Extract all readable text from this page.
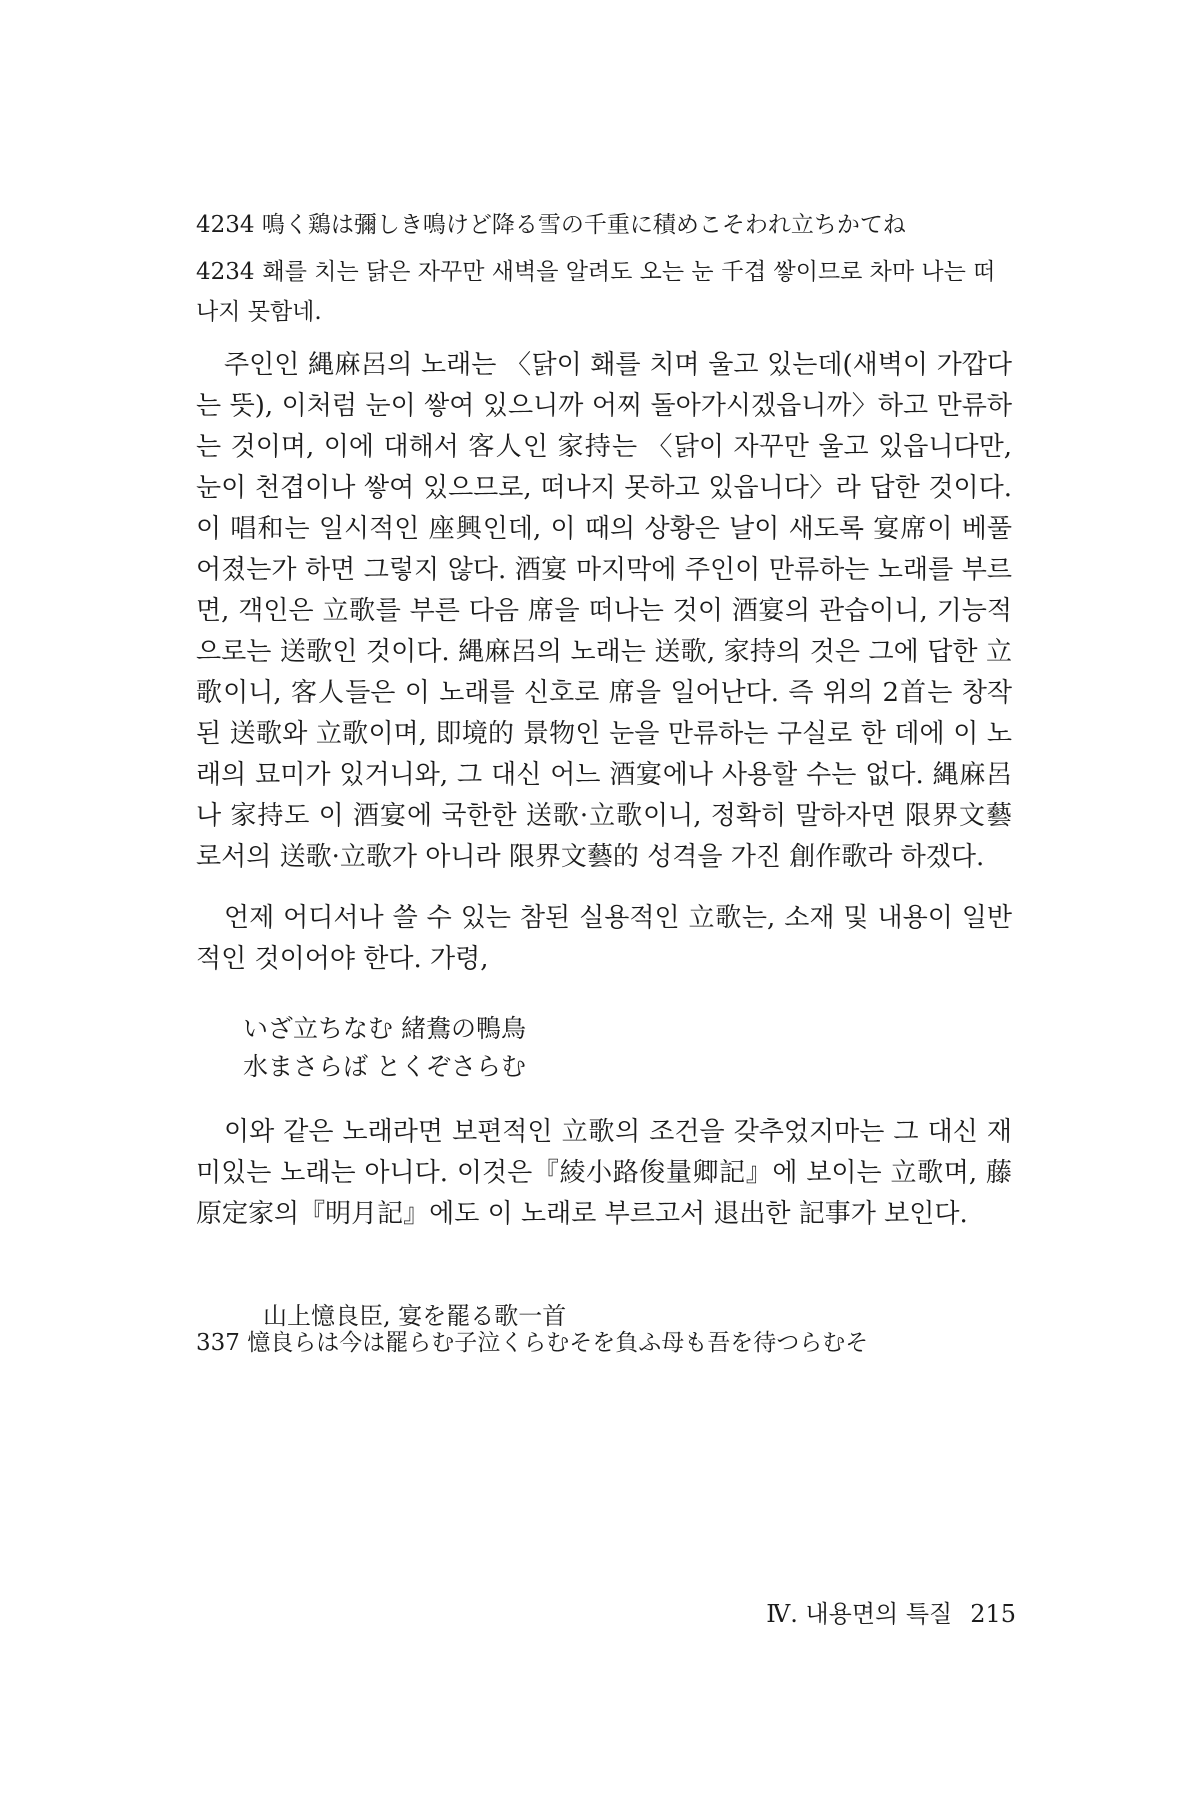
4234 鳴く鶏は彌しき鳴けど降る雪の千重に積めこそわれ立ちかてね
4234 홰를 치는 닭은 자꾸만 새벽을 알려도 오는 눈 千겹 쌓이므로 차마 나는 떠나지 못함네.

주인인 縄麻呂의 노래는 〈닭이 홰를 치며 울고 있는데(새벽이 가깝다는 뜻), 이처럼 눈이 쌓여 있으니까 어찌 돌아가시겠읍니까〉하고 만류하는 것이며, 이에 대해서 客人인 家持는 〈닭이 자꾸만 울고 있읍니다만, 눈이 천겹이나 쌓여 있으므로, 떠나지 못하고 있읍니다〉라 답한 것이다. 이 唱和는 일시적인 座興인데, 이 때의 상황은 날이 새도록 宴席이 베풀어졌는가 하면 그렇지 않다. 酒宴 마지막에 주인이 만류하는 노래를 부르면, 객인은 立歌를 부른 다음 席을 떠나는 것이 酒宴의 관습이니, 기능적으로는 送歌인 것이다. 縄麻呂의 노래는 送歌, 家持의 것은 그에 답한 立歌이니, 客人들은 이 노래를 신호로 席을 일어난다. 즉 위의 2首는 창작된 送歌와 立歌이며, 即境的 景物인 눈을 만류하는 구실로 한 데에 이 노래의 묘미가 있거니와, 그 대신 어느 酒宴에나 사용할 수는 없다. 縄麻呂나 家持도 이 酒宴에 국한한 送歌·立歌이니, 정확히 말하자면 限界文藝로서의 送歌·立歌가 아니라 限界文藝的 성격을 가진 創作歌라 하겠다.

언제 어디서나 쓸 수 있는 참된 실용적인 立歌는, 소재 및 내용이 일반적인 것이어야 한다. 가령,

いざ立ちなむ 緒鴦の鴨鳥
水まさらば とくぞさらむ

이와 같은 노래라면 보편적인 立歌의 조건을 갖추었지마는 그 대신 재미있는 노래는 아니다. 이것은『綾小路俊量卿記』에 보이는 立歌며, 藤原定家의『明月記』에도 이 노래로 부르고서 退出한 記事가 보인다.

山上憶良臣, 宴を罷る歌一首
337 憶良らは今は罷らむ子泣くらむそを負ふ母も吾を待つらむそ
Ⅳ. 내용면의 특질 215
